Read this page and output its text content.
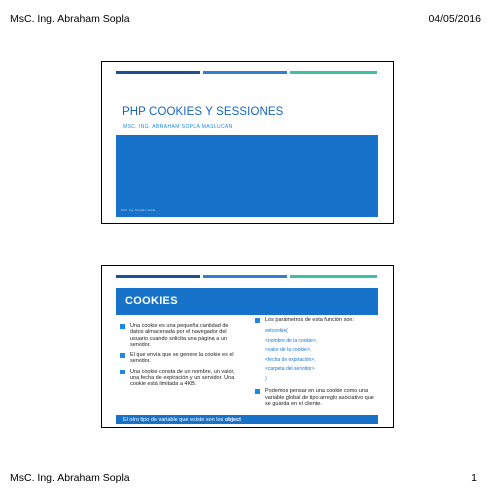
MsC. Ing. Abraham Sopla	04/05/2016
PHP COOKIES Y SESSIONES
MSC. ING. ABRAHAM SOPLA MASLUCAN
MsC. Ing. Abraham Sopla
COOKIES
Una cookie es una pequeña cantidad de datos almacenada por el navegador del usuario cuando solicita una página a un servidor.
El que envía que se genere la cookie es el servidor.
Una cookie consta de un nombre, un valor, una fecha de expiración y un servidor. Una cookie está limitada a 4KB.
Los parámetros de esta función son:
setcookie(
<nombre de la cookie>,
<valor de la cookie>,
<fecha de expiración>,
<carpeta del servidor>
)
Podemos pensar en una cookie como una variable global de tipo arreglo asociativo que se guarda en el cliente.
El otro tipo de variable que existe son los object
MsC. Ing. Abraham Sopla	1
